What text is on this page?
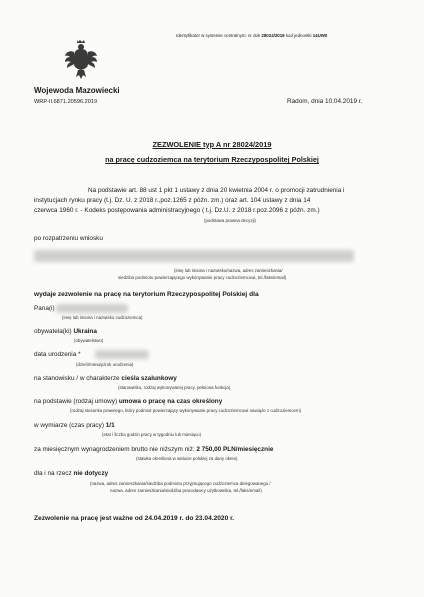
Identyfikator w systemie centralnym: nr dok 28024/2019 kod jednostki 14UW0
Wojewoda Mazowiecki
WRP-II.6871.20596.2019	Radom, dnia 10.04.2019 r.
ZEZWOLENIE typ A nr 28024/2019
na pracę cudzoziemca na terytorium Rzeczypospolitej Polskiej
Na podstawie art. 88 ust 1 pkt 1 ustawy z dnia 20 kwietnia 2004 r. o promocji zatrudnienia i
instytucjach rynku pracy (t.j. Dz. U. z 2018 r.,poz.1265 z późn. zm.) oraz art. 104 ustawy z dnia 14
czerwca 1960 r. - Kodeks postępowania administracyjnego ( t.j. Dz.U. z 2018 r.poz.2096 z późn. zm.)
(podstawa prawna decyzji)
po rozpatrzeniu wniosku
(imię lub imiona i nazwisko/nazwa, adres zamieszkania/
siedziba podmiotu powierzającego wykonywanie pracy cudzoziemcowi, tel./faks/email)
wydaje zezwolenie na pracę na terytorium Rzeczypospolitej Polskiej dla
Pana(i)
(imię lub imiona i nazwisko cudzoziemca)
obywatela(ki) Ukraina
(obywatelstwo)
data urodzenia *
(dzień/miesiąc/rok urodzenia)
na stanowisku / w charakterze cieśla szalunkowy
(stanowisko, rodzaj wykonywanej pracy, pełniona funkcja)
na podstawie (rodzaj umowy) umowa o pracę na czas określony
(rodzaj stosunku prawnego, który podmiot powierzający wykonywanie pracy cudzoziemcowi nawiąże z cudzoziemcem)
w wymiarze (czas pracy) 1/1
(etat / liczba godzin pracy w tygodniu lub miesiącu)
za miesięcznym wynagrodzeniem brutto nie niższym niż: 2 750,00 PLN/miesięcznie
(stawka określona w walucie polskiej za dany okres)
dla i na rzecz nie dotyczy
(nazwa, adres zamieszkania/siedziba podmiotu przyjmującego cudzoziemca delegowanego /
nazwa, adres zamieszkania/siedziba pracodawcy użytkownika, tel./faks/email)
Zezwolenie na pracę jest ważne od 24.04.2019 r. do 23.04.2020 r.
